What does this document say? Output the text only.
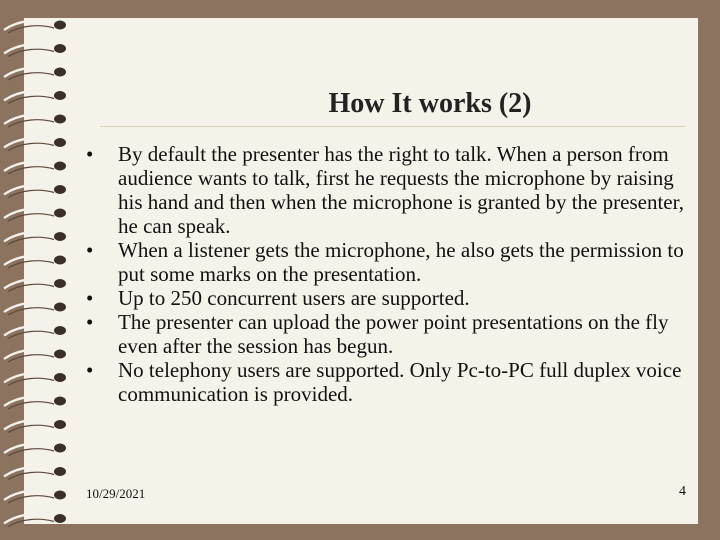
How It works (2)
•	By default the presenter has the right to talk. When a person from audience wants to talk, first he requests the microphone by raising his hand and then when the microphone is granted by the presenter, he can speak.
•	When a listener gets the microphone, he also gets the permission to put some marks on the presentation.
•	Up to 250 concurrent users are supported.
•	The presenter can upload the power point presentations on the fly even after the session has begun.
•	No telephony users are supported. Only Pc-to-PC full duplex voice communication is provided.
10/29/2021	4
